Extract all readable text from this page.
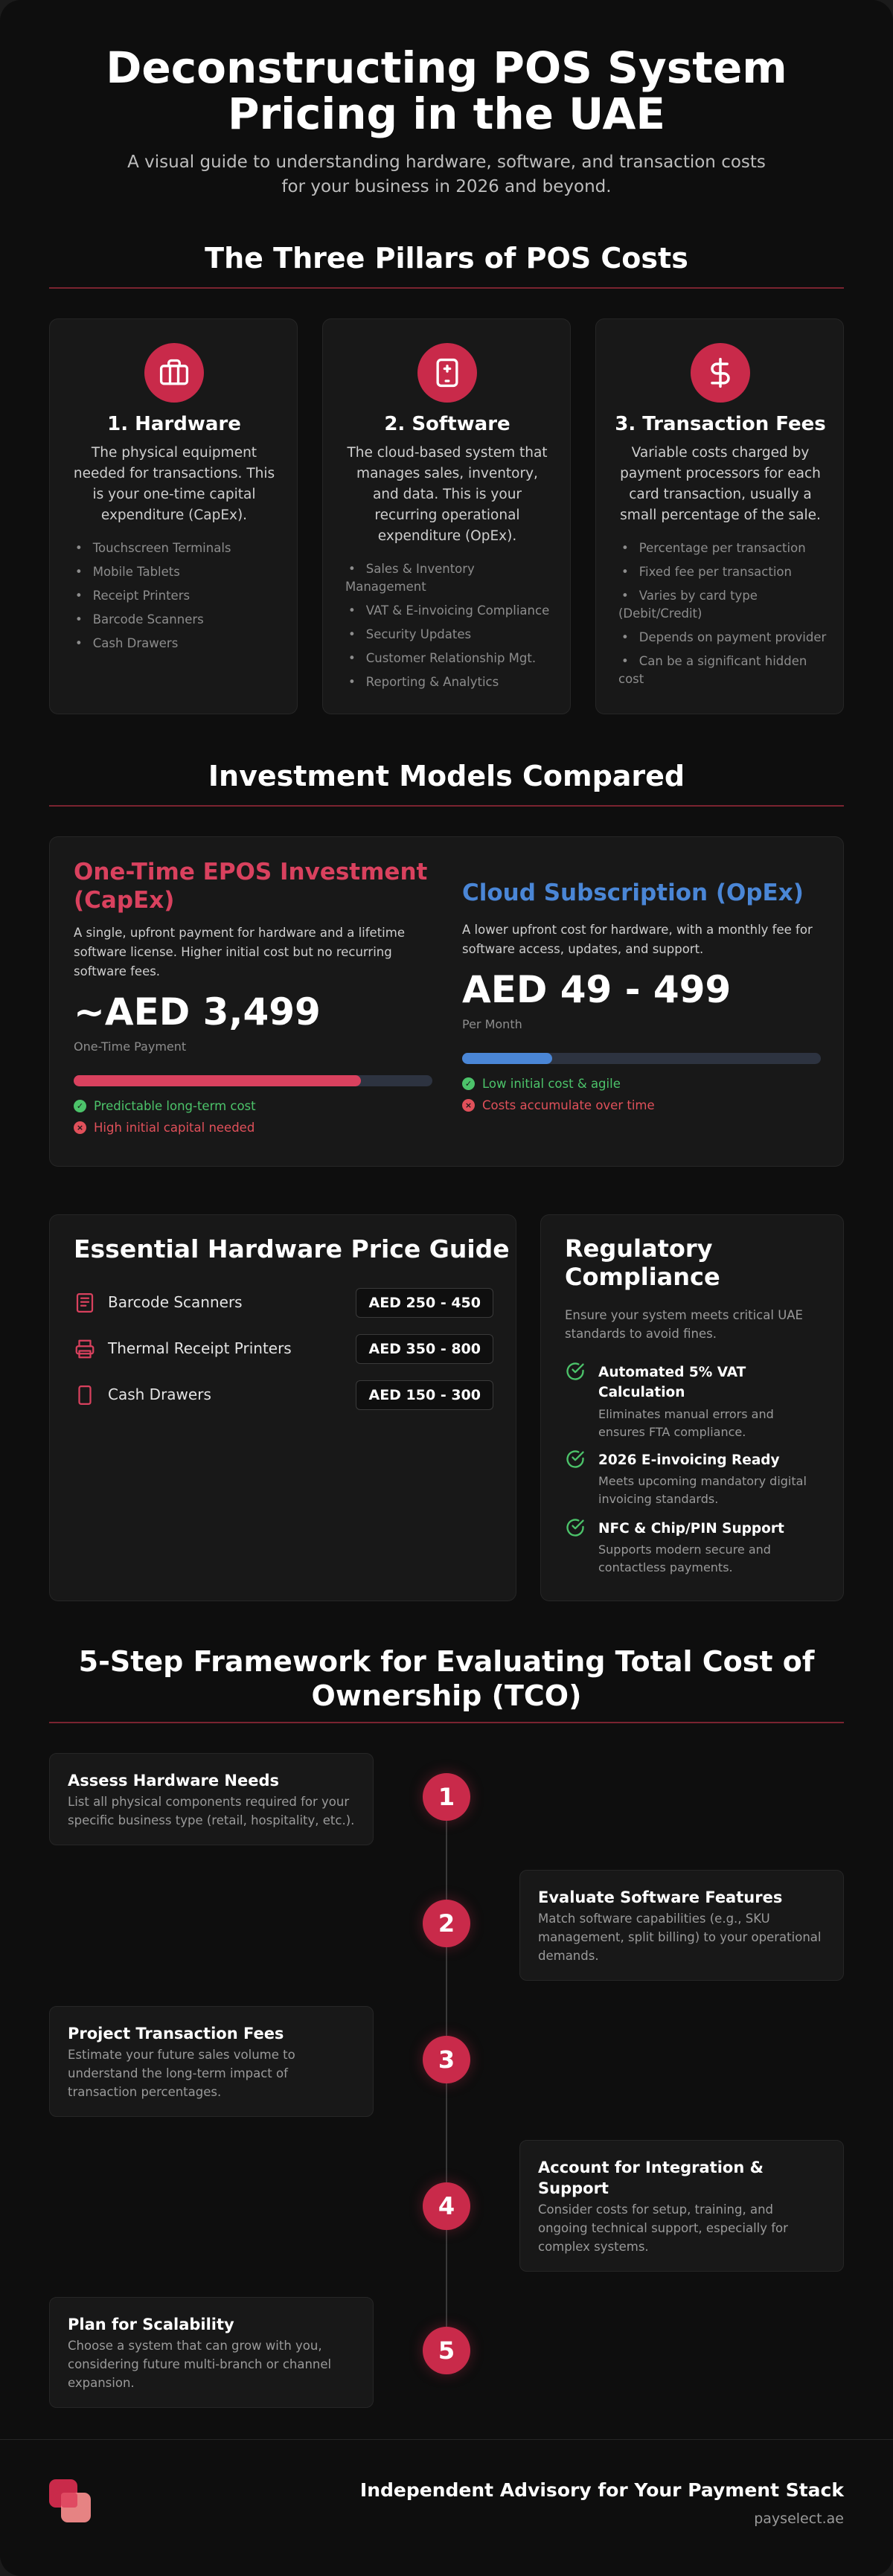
Deconstructing POS System
Pricing in the UAE
A visual guide to understanding hardware, software, and transaction costs
for your business in 2026 and beyond.
The Three Pillars of POS Costs
1. Hardware
The physical equipment needed for transactions. This is your one-time capital expenditure (CapEx).
• Touchscreen Terminals
• Mobile Tablets
• Receipt Printers
• Barcode Scanners
• Cash Drawers
2. Software
The cloud-based system that manages sales, inventory, and data. This is your recurring operational expenditure (OpEx).
• Sales & Inventory Management
• VAT & E-invoicing Compliance
• Security Updates
• Customer Relationship Mgt.
• Reporting & Analytics
3. Transaction Fees
Variable costs charged by payment processors for each card transaction, usually a small percentage of the sale.
• Percentage per transaction
• Fixed fee per transaction
• Varies by card type (Debit/Credit)
• Depends on payment provider
• Can be a significant hidden cost
Investment Models Compared
One-Time EPOS Investment
(CapEx)
A single, upfront payment for hardware and a lifetime software license. Higher initial cost but no recurring software fees.
~AED 3,499
One-Time Payment
✓ Predictable long-term cost
× High initial capital needed
Cloud Subscription (OpEx)
A lower upfront cost for hardware, with a monthly fee for software access, updates, and support.
AED 49 - 499
Per Month
✓ Low initial cost & agile
× Costs accumulate over time
Essential Hardware Price Guide
Barcode Scanners	AED 250 - 450
Thermal Receipt Printers	AED 350 - 800
Cash Drawers	AED 150 - 300
Regulatory
Compliance
Ensure your system meets critical UAE standards to avoid fines.
Automated 5% VAT Calculation
Eliminates manual errors and ensures FTA compliance.
2026 E-invoicing Ready
Meets upcoming mandatory digital invoicing standards.
NFC & Chip/PIN Support
Supports modern secure and contactless payments.
5-Step Framework for Evaluating Total Cost of
Ownership (TCO)
1
Assess Hardware Needs
List all physical components required for your specific business type (retail, hospitality, etc.).
2
Evaluate Software Features
Match software capabilities (e.g., SKU management, split billing) to your operational demands.
3
Project Transaction Fees
Estimate your future sales volume to understand the long-term impact of transaction percentages.
4
Account for Integration & Support
Consider costs for setup, training, and ongoing technical support, especially for complex systems.
5
Plan for Scalability
Choose a system that can grow with you, considering future multi-branch or channel expansion.
Independent Advisory for Your Payment Stack
payselect.ae
